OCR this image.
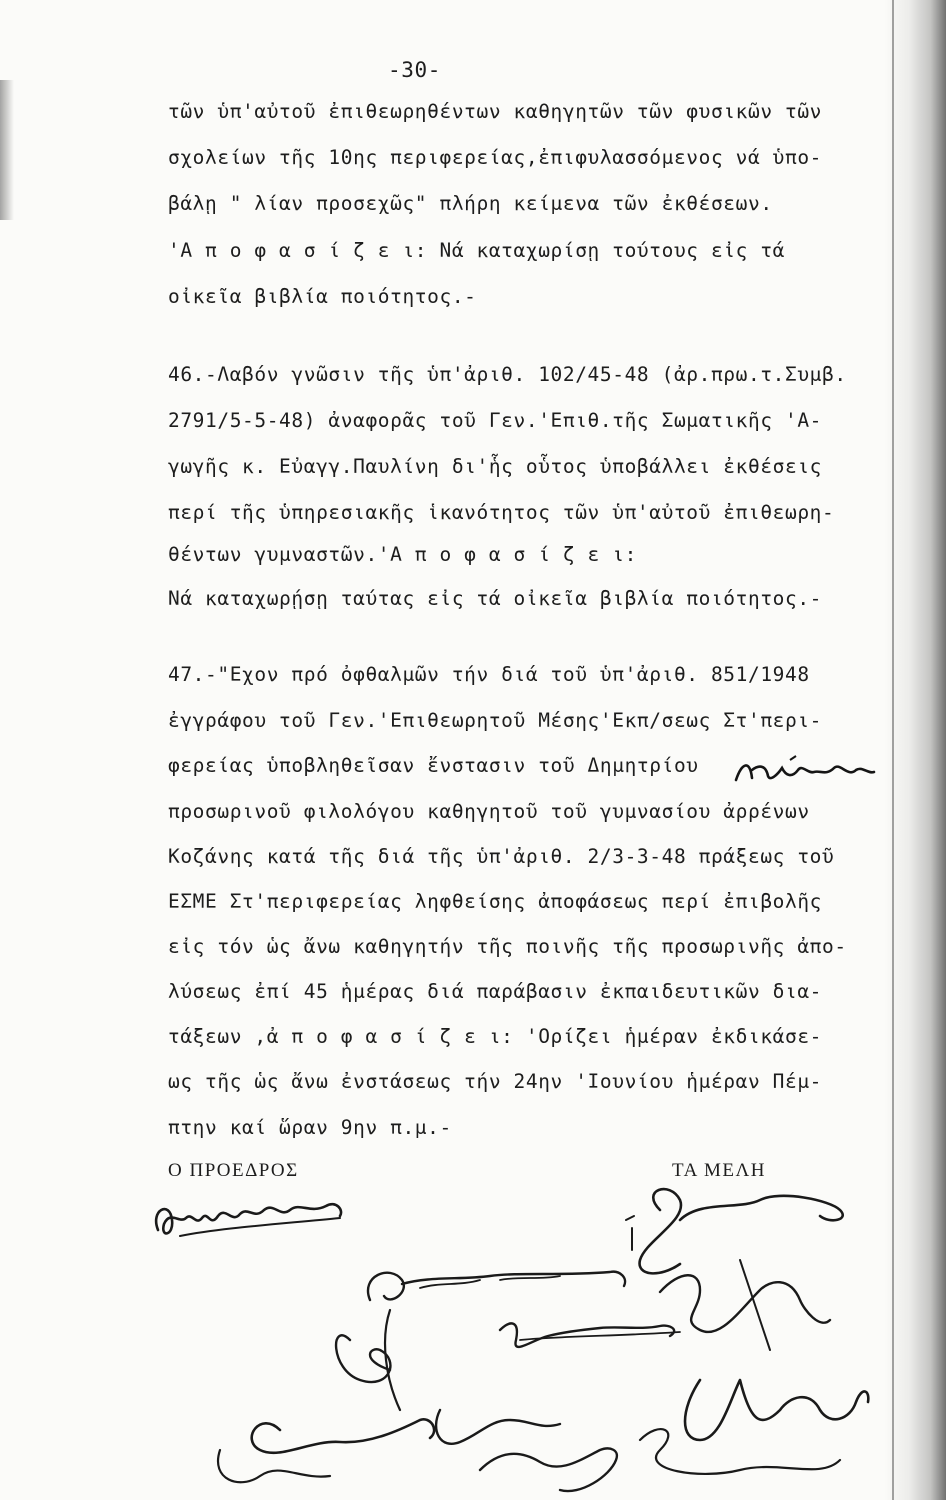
-30-
τῶν ὑπ'αὐτοῦ ἐπιθεωρηθέντων καθηγητῶν τῶν φυσικῶν τῶν
σχολείων τῆς 10ης περιφερείας,ἐπιφυλασσόμενος νά ὑπο-
βάλῃ " λίαν προσεχῶς" πλήρη κείμενα τῶν ἐκθέσεων.
'Α π ο φ α σ ί ζ ε ι: Νά καταχωρίσῃ τούτους εἰς τά
οἰκεῖα βιβλία ποιότητος.-
46.-Λαβόν γνῶσιν τῆς ὑπ'ἀριθ. 102/45-48 (ἀρ.πρω.τ.Συμβ.
2791/5-5-48) ἀναφορᾶς τοῦ Γεν.'Επιθ.τῆς Σωματικῆς 'Α-
γωγῆς κ. Εὐαγγ.Παυλίνη δι'ἧς οὗτος ὑποβάλλει ἐκθέσεις
περί τῆς ὑπηρεσιακῆς ἱκανότητος τῶν ὑπ'αὐτοῦ ἐπιθεωρη-
θέντων γυμναστῶν.'Α π ο φ α σ ί ζ ε ι:
Νά καταχωρῄσῃ ταύτας εἰς τά οἰκεῖα βιβλία ποιότητος.-
47.-"Εχον πρό ὀφθαλμῶν τήν διά τοῦ ὑπ'ἀριθ. 851/1948
ἐγγράφου τοῦ Γεν.'Επιθεωρητοῦ Μέσης'Εκπ/σεως Στ'περι-
φερείας ὑποβληθεῖσαν ἔνστασιν τοῦ Δημητρίου
προσωρινοῦ φιλολόγου καθηγητοῦ τοῦ γυμνασίου ἀρρένων
Κοζάνης κατά τῆς διά τῆς ὑπ'ἀριθ. 2/3-3-48 πράξεως τοῦ
ΕΣΜΕ Στ'περιφερείας ληφθείσης ἀποφάσεως περί ἐπιβολῆς
εἰς τόν ὡς ἄνω καθηγητήν τῆς ποινῆς τῆς προσωρινῆς ἀπο-
λύσεως ἐπί 45 ἡμέρας διά παράβασιν ἐκπαιδευτικῶν δια-
τάξεων ,ἀ π ο φ α σ ί ζ ε ι: 'Ορίζει ἡμέραν ἐκδικάσε-
ως τῆς ὡς ἄνω ἐνστάσεως τήν 24ην 'Ιουνίου ἡμέραν Πέμ-
πτην καί ὥραν 9ην π.μ.-
Ο ΠΡΟΕΔΡΟΣ	ΤΑ ΜΕΛΗ
